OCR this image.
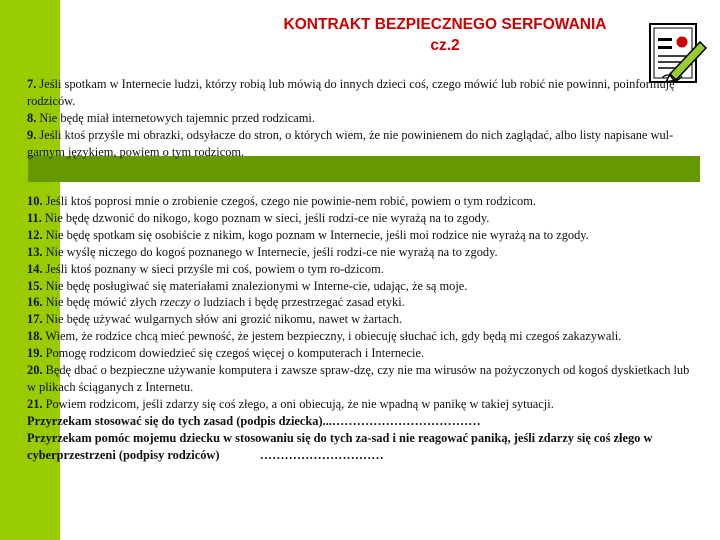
KONTRAKT BEZPIECZNEGO SERFOWANIA
cz.2
7. Jeśli spotkam w Internecie ludzi, którzy robią lub mówią do innych dzieci coś, czego mówić lub robić nie powinni, poinformuję rodziców.
8. Nie będę miał internetowych tajemnic przed rodzicami.
9. Jeśli ktoś przyśle mi obrazki, odsyłacze do stron, o których wiem, że nie powinienem do nich zaglądać, albo listy napisane wul-garnym językiem, powiem o tym rodzicom.
10. Jeśli ktoś poprosi mnie o zrobienie czegoś, czego nie powinie-nem robić, powiem o tym rodzicom.
11. Nie będę dzwonić do nikogo, kogo poznam w sieci, jeśli rodzi-ce nie wyrażą na to zgody.
12. Nie będę spotkam się osobiście z nikim, kogo poznam w Internecie, jeśli moi rodzice nie wyrażą na to zgody.
13. Nie wyślę niczego do kogoś poznanego w Internecie, jeśli rodzi-ce nie wyrażą na to zgody.
14. Jeśli ktoś poznany w sieci przyśle mi coś, powiem o tym ro-dzicom.
15. Nie będę posługiwać się materiałami znalezionymi w Interne-cie, udając, że są moje.
16. Nie będę mówić złych rzeczy o ludziach i będę przestrzegać zasad etyki.
17. Nie będę używać wulgarnych słów ani grozić nikomu, nawet w żartach.
18. Wiem, że rodzice chcą mieć pewność, że jestem bezpieczny, i obiecuję słuchać ich, gdy będą mi czegoś zakazywali.
19. Pomogę rodzicom dowiedzieć się czegoś więcej o komputerach i Internecie.
20. Będę dbać o bezpieczne używanie komputera i zawsze spraw-dzę, czy nie ma wirusów na pożyczonych od kogoś dyskietkach lub w plikach ściąganych z Internetu.
21. Powiem rodzicom, jeśli zdarzy się coś złego, a oni obiecują, że nie wpadną w panikę w takiej sytuacji.
Przyrzekam stosować się do tych zasad (podpis dziecka)...………………………………
Przyrzekam pomóc mojemu dziecku w stosowaniu się do tych za-sad i nie reagować paniką, jeśli zdarzy się coś złego w cyberprzestrzeni (podpisy rodziców)             …………………………
